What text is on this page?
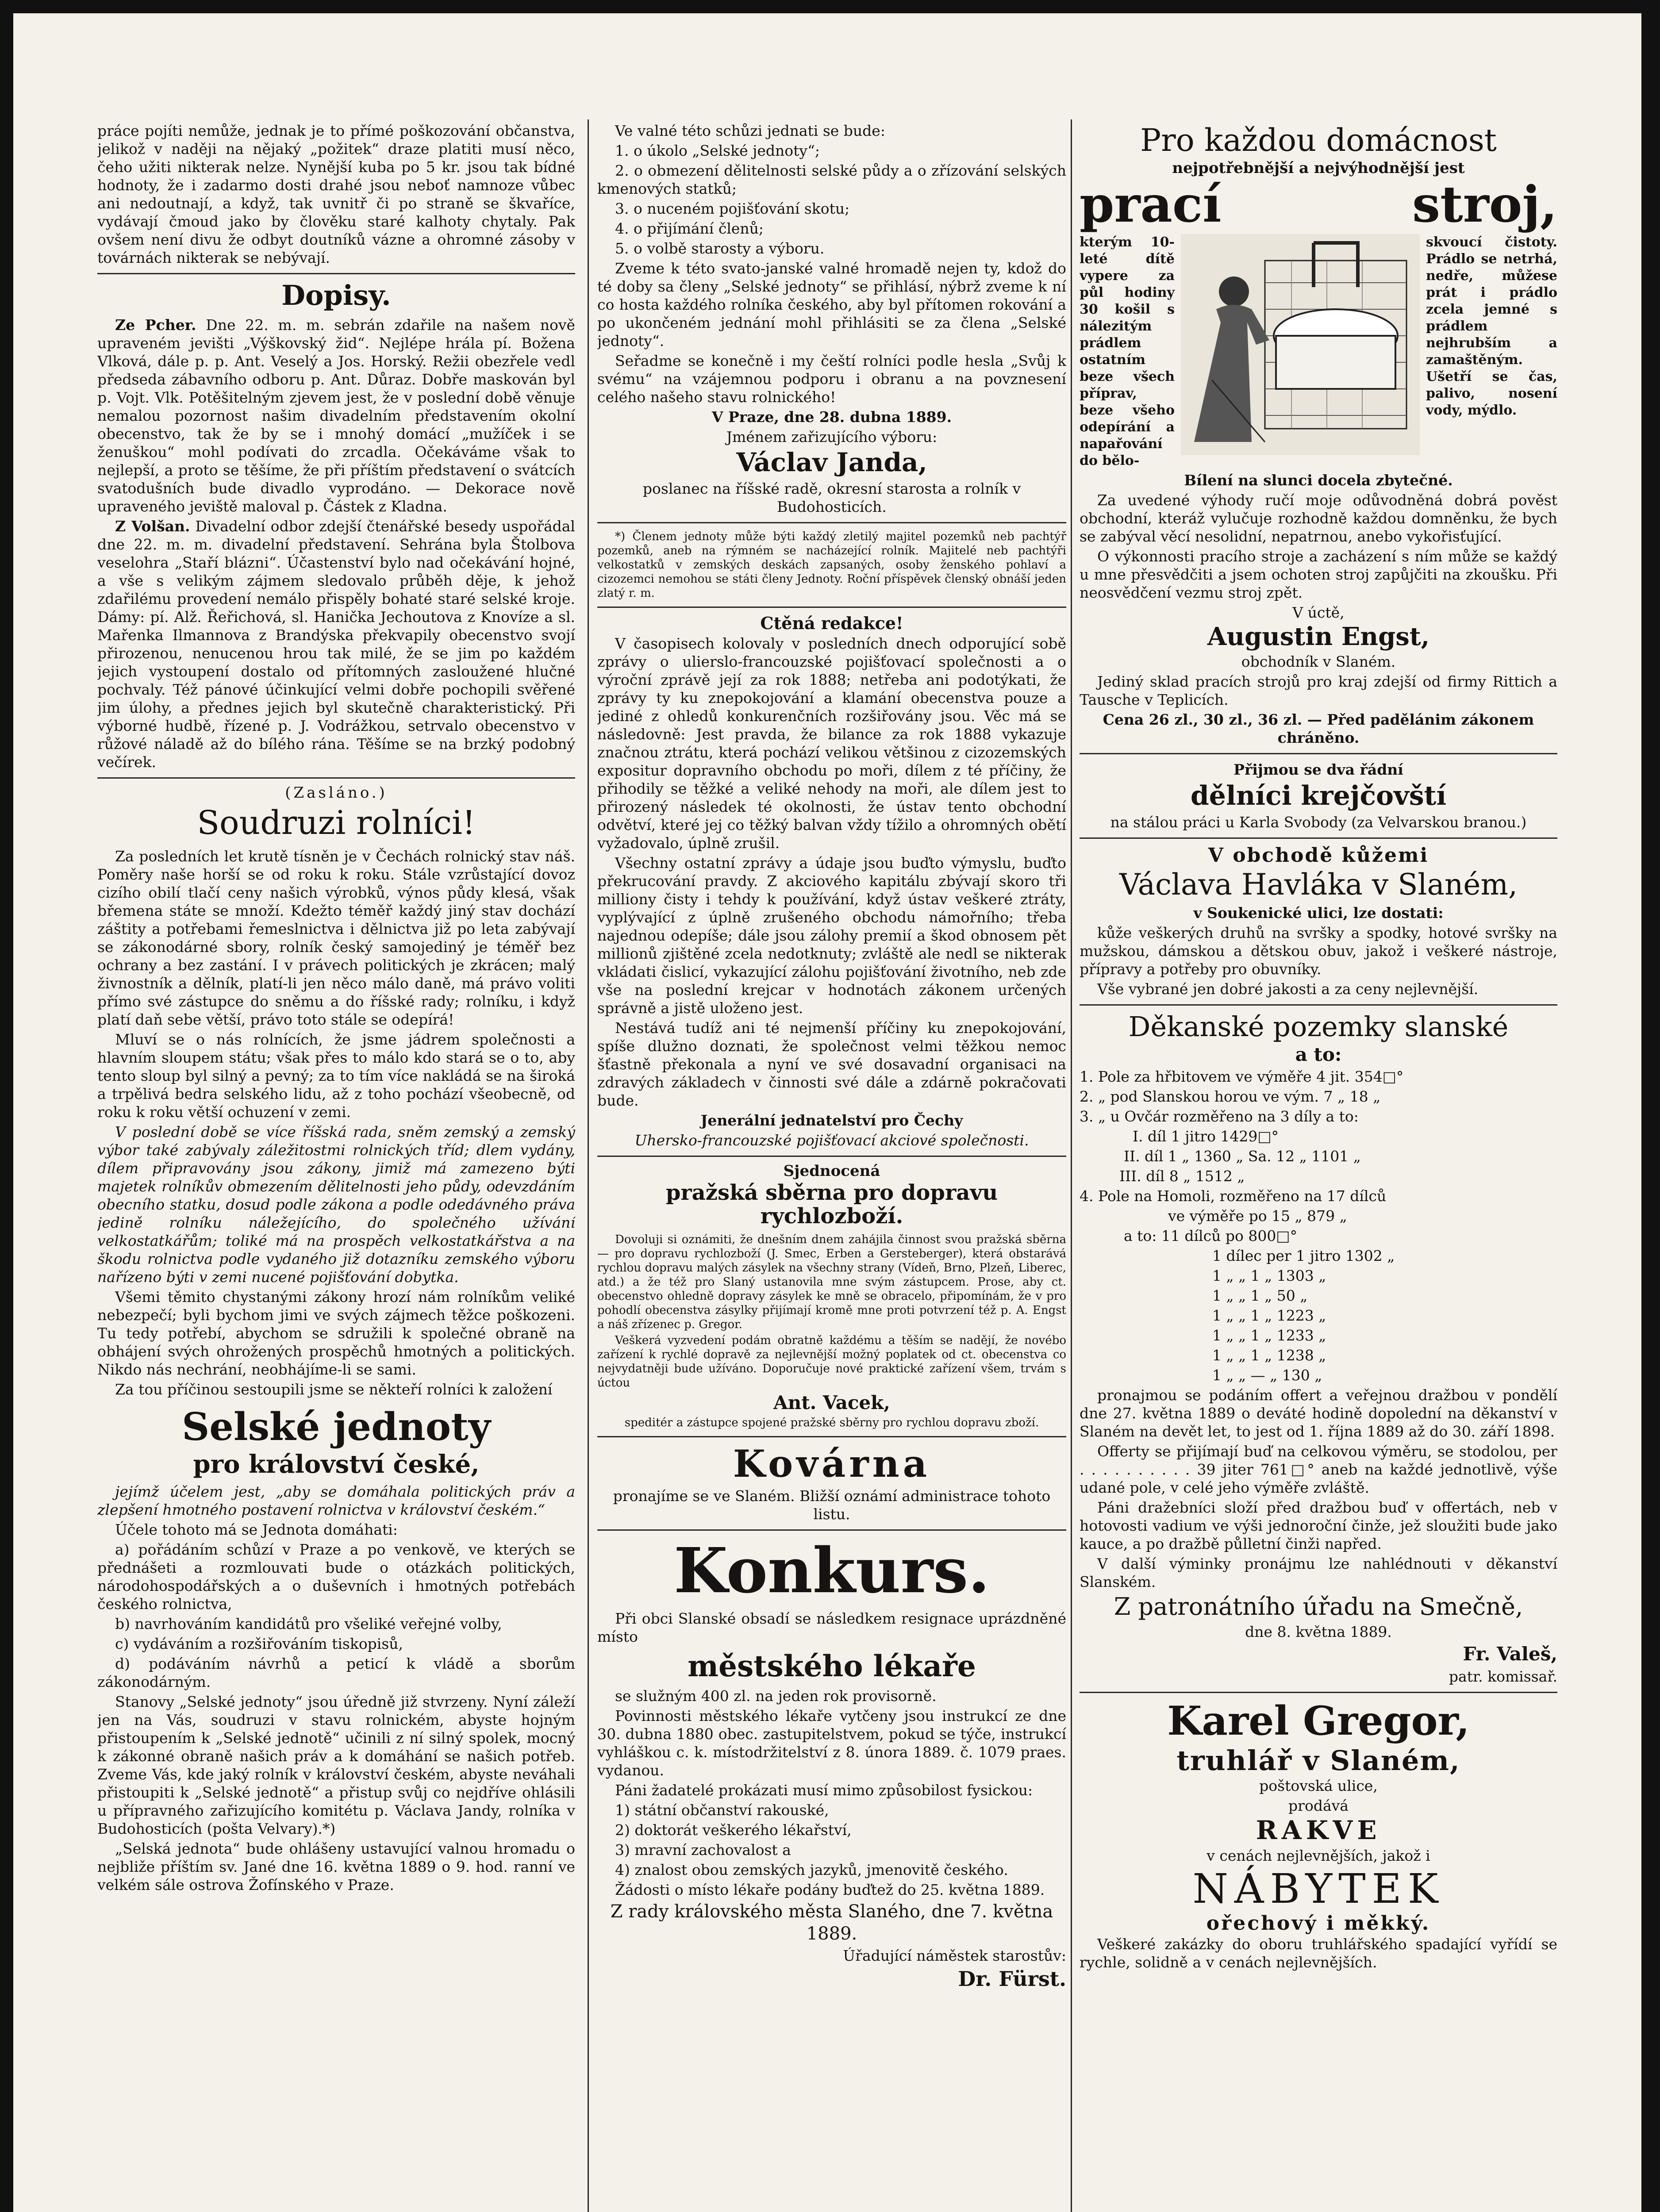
práce pojíti nemůže, jednak je to přímé poškozování občanstva, jelikož v naději na nějaký „požitek“ draze platiti musí něco, čeho užiti nikterak nelze. Nynější kuba po 5 kr. jsou tak bídné hodnoty, že i zadarmo dosti drahé jsou neboť namnoze vůbec ani nedoutnají, a když, tak uvnitř či po straně se škvaříce, vydávají čmoud jako by člověku staré kalhoty chytaly. Pak ovšem není divu že odbyt doutníků vázne a ohromné zásoby v továrnách nikterak se nebývají.

Dopisy.

Ze Pcher. Dne 22. m. m. sebrán zdařile na našem nově upraveném jevišti „Výškovský žid“. Nejlépe hrála pí. Božena Vlková, dále p. p. Ant. Veselý a Jos. Horský. Režii obezřele vedl předseda zábavního odboru p. Ant. Důraz. Dobře maskován byl p. Vojt. Vlk. Potěšitelným zjevem jest, že v poslední době věnuje nemalou pozornost našim divadelním představením okolní obecenstvo, tak že by se i mnohý domácí „mužíček i se ženuškou“ mohl podívati do zrcadla. Očekáváme však to nejlepší, a proto se těšíme, že při příštím představení o svátcích svatodušních bude divadlo vyprodáno. — Dekorace nově upraveného jeviště maloval p. Částek z Kladna.

Z Volšan. Divadelní odbor zdejší čtenářské besedy uspořádal dne 22. m. m. divadelní představení. Sehrána byla Štolbova veselohra „Staří blázni“. Účastenství bylo nad očekávání hojné, a vše s velikým zájmem sledovalo průběh děje, k jehož zdařilému provedení nemálo přispěly bohaté staré selské kroje. Dámy: pí. Alž. Řeřichová, sl. Hanička Jechoutova z Knovíze a sl. Mařenka Ilmannova z Brandýska překvapily obecenstvo svojí přirozenou, nenucenou hrou tak milé, že se jim po každém jejich vystoupení dostalo od přítomných zasloužené hlučné pochvaly. Též pánové účinkující velmi dobře pochopili svěřené jim úlohy, a přednes jejich byl skutečně charakteristický. Při výborné hudbě, řízené p. J. Vodrážkou, setrvalo obecenstvo v růžové náladě až do bílého rána. Těšíme se na brzký podobný večírek.

(Zasláno.)
Soudruzi rolníci!

Za posledních let krutě tísněn je v Čechách rolnický stav náš. Poměry naše horší se od roku k roku. Stále vzrůstající dovoz cizího obilí tlačí ceny našich výrobků, výnos půdy klesá, však břemena státe se množí. Kdežto téměř každý jiný stav dochází záštity a potřebami řemeslnictva i dělnictva již po leta zabývají se zákonodárné sbory, rolník český samojediný je téměř bez ochrany a bez zastání. I v právech politických je zkrácen; malý živnostník a dělník, platí-li jen něco málo daně, má právo voliti přímo své zástupce do sněmu a do říšské rady; rolníku, i když platí daň sebe větší, právo toto stále se odepírá!

Mluví se o nás rolnících, že jsme jádrem společnosti a hlavním sloupem státu; však přes to málo kdo stará se o to, aby tento sloup byl silný a pevný; za to tím více nakládá se na široká a trpělivá bedra selského lidu, až z toho pochází všeobecně, od roku k roku větší ochuzení v zemi.

V poslední době se více říšská rada, sněm zemský a zemský výbor také zabývaly záležitostmi rolnických tříd; dlem vydány, dílem připravovány jsou zákony, jimiž má zamezeno býti majetek rolníkův obmezením dělitelnosti jeho půdy, odevzdáním obecního statku, dosud podle zákona a podle odedávného práva jedině rolníku náležejícího, do společného užívání velkostatkářům; toliké má na prospěch velkostatkářstva a na škodu rolnictva podle vydaného již dotazníku zemského výboru nařízeno býti v zemi nucené pojišťování dobytka.

Všemi těmito chystanými zákony hrozí nám rolníkům veliké nebezpečí; byli bychom jimi ve svých zájmech těžce poškozeni. Tu tedy potřebí, abychom se sdružili k společné obraně na obhájení svých ohrožených prospěchů hmotných a politických. Nikdo nás nechrání, neobhájíme-li se sami.

Za tou příčinou sestoupili jsme se někteří rolníci k založení

Selské jednoty
pro království české,

jejímž účelem jest, „aby se domáhala politických práv a zlepšení hmotného postavení rolnictva v království českém.“

Účele tohoto má se Jednota domáhati:

a) pořádáním schůzí v Praze a po venkově, ve kterých se přednášeti a rozmlouvati bude o otázkách politických, národohospodářských a o duševních i hmotných potřebách českého rolnictva,

b) navrhováním kandidátů pro všeliké veřejné volby,

c) vydáváním a rozšiřováním tiskopisů,

d) podáváním návrhů a peticí k vládě a sborům zákonodárným.

Stanovy „Selské jednoty“ jsou úředně již stvrzeny. Nyní záleží jen na Vás, soudruzi v stavu rolnickém, abyste hojným přistoupením k „Selské jednotě“ učinili z ní silný spolek, mocný k zákonné obraně našich práv a k domáhání se našich potřeb. Zveme Vás, kde jaký rolník v království českém, abyste neváhali přistoupiti k „Selské jednotě“ a přistup svůj co nejdříve ohlásili u přípravného zařizujícího komitétu p. Václava Jandy, rolníka v Budohosticích (pošta Velvary).*)

„Selská jednota“ bude ohlášeny ustavující valnou hromadu o nejbliže příštím sv. Jané dne 16. května 1889 o 9. hod. ranní ve velkém sále ostrova Žofínského v Praze.

Ve valné této schůzi jednati se bude:

1. o úkolo „Selské jednoty“;

2. o obmezení dělitelnosti selské půdy a o zřízování selských kmenových statků;

3. o nuceném pojišťování skotu;

4. o přijímání členů;

5. o volbě starosty a výboru.

Zveme k této svato-janské valné hromadě nejen ty, kdož do té doby sa členy „Selské jednoty“ se přihlásí, nýbrž zveme k ní co hosta každého rolníka českého, aby byl přítomen rokování a po ukončeném jednání mohl přihlásiti se za člena „Selské jednoty“.

Seřadme se konečně i my čeští rolníci podle hesla „Svůj k svému“ na vzájemnou podporu i obranu a na povznesení celého našeho stavu rolnického!

V Praze, dne 28. dubna 1889.

Jménem zařizujícího výboru:

Václav Janda,

poslanec na říšské radě, okresní starosta a rolník v Budohosticích.

*) Členem jednoty může býti každý zletilý majitel pozemků neb pachtýř pozemků, aneb na rýmném se nacházející rolník. Majitelé neb pachtýři velkostatků v zemských deskách zapsaných, osoby ženského pohlaví a cizozemci nemohou se státi členy Jednoty. Roční příspěvek členský obnáší jeden zlatý r. m.

Ctěná redakce!

V časopisech kolovaly v posledních dnech odporující sobě zprávy o ulierslo-francouzské pojišťovací společnosti a o výroční zprávě její za rok 1888; netřeba ani podotýkati, že zprávy ty ku znepokojování a klamání obecenstva pouze a jediné z ohledů konkurenčních rozšiřovány jsou. Věc má se následovně: Jest pravda, že bilance za rok 1888 vykazuje značnou ztrátu, která pochází velikou většinou z cizozemských expositur dopravního obchodu po moři, dílem z té příčiny, že přihodily se těžké a veliké nehody na moři, ale dílem jest to přirozený následek té okolnosti, že ústav tento obchodní odvětví, které jej co těžký balvan vždy tížilo a ohromných obětí vyžadovalo, úplně zrušil.

Všechny ostatní zprávy a údaje jsou buďto výmyslu, buďto překrucování pravdy. Z akciového kapitálu zbývají skoro tři milliony čisty i tehdy k používání, když ústav veškeré ztráty, vyplývající z úplně zrušeného obchodu námořního; třeba najednou odepíše; dále jsou zálohy premií a škod obnosem pět millionů zjištěné zcela nedotknuty; zvláště ale nedl se nikterak vkládati čislicí, vykazující zálohu pojišťování životního, neb zde vše na poslední krejcar v hodnotách zákonem určených správně a jistě uloženo jest.

Nestává tudíž ani té nejmenší příčiny ku znepokojování, spíše dlužno doznati, že společnost velmi těžkou nemoc šťastně překonala a nyní ve své dosavadní organisaci na zdravých základech v činnosti své dále a zdárně pokračovati bude.

Jenerální jednatelství pro Čechy

Uhersko-francouzské pojišťovací akciové společnosti.

Sjednocená
pražská sběrna pro dopravu rychlozboží.

Dovoluji si oznámiti, že dnešním dnem zahájila činnost svou pražská sběrna — pro dopravu rychlozboží (J. Smec, Erben a Gersteberger), která obstarává rychlou dopravu malých zásylek na všechny strany (Vídeň, Brno, Plzeň, Liberec, atd.) a že též pro Slaný ustanovila mne svým zástupcem. Prose, aby ct. obecenstvo ohledně dopravy zásylek ke mně se obracelo, připomínám, že v pro pohodlí obecenstva zásylky přijímají kromě mne proti potvrzení též p. A. Engst a náš zřízenec p. Gregor.

Veškerá vyzvedení podám obratně každému a těším se nadějí, že novébo zařízení k rychlé dopravě za nejlevnější možný poplatek od ct. obecenstva co nejvydatněji bude užíváno. Doporučuje nové praktické zařízení všem, trvám s úctou

Ant. Vacek,

speditér a zástupce spojené pražské sběrny pro rychlou dopravu zboží.

Kovárna

pronajíme se ve Slaném. Bližší oznámí administrace tohoto listu.

Konkurs.

Při obci Slanské obsadí se následkem resignace uprázdněné místo

městského lékaře

se služným 400 zl. na jeden rok provisorně.

Povinnosti městského lékaře vytčeny jsou instrukcí ze dne 30. dubna 1880 obec. zastupitelstvem, pokud se týče, instrukcí vyhláškou c. k. místodržitelství z 8. února 1889. č. 1079 praes. vydanou.

Páni žadatelé prokázati musí mimo způsobilost fysickou:

1) státní občanství rakouské,

2) doktorát veškerého lékařství,

3) mravní zachovalost a

4) znalost obou zemských jazyků, jmenovitě českého.

Žádosti o místo lékaře podány buďtež do 25. května 1889.

Z rady královského města Slaného, dne 7. května 1889.

Úřadující náměstek starostův:

Dr. Fürst.

Pro každou domácnost
nejpotřebnější a nejvýhodnější jest
prací	stroj,

kterým 10-leté dítě vypere za půl hodiny 30 košil s nálezitým prádlem ostatním beze všech příprav, beze všeho odepírání a napařování do bělo-

skvoucí čistoty. Prádlo se netrhá, nedře, můžese prát i prádlo zcela jemné s prádlem nejhrubším a zamaštěným. Ušetří se čas, palivo, nosení vody, mýdlo.

Bílení na slunci docela zbytečné.

Za uvedené výhody ručí moje odůvodněná dobrá pověst obchodní, kteráž vylučuje rozhodně každou domněnku, že bych se zabýval věcí nesolidní, nepatrnou, anebo vykořisťující.

O výkonnosti pracího stroje a zacházení s ním může se každý u mne přesvědčiti a jsem ochoten stroj zapůjčiti na zkoušku. Při neosvědčení vezmu stroj zpět.

V úctě,

Augustin Engst,

obchodník v Slaném.

Jediný sklad pracích strojů pro kraj zdejší od firmy Rittich a Tausche v Teplicích.

Cena 26 zl., 30 zl., 36 zl. — Před padělánim zákonem chráněno.

Přijmou se dva řádní

dělníci krejčovští

na stálou práci u Karla Svobody (za Velvarskou branou.)

V obchodě kůžemi
Václava Havláka v Slaném,

v Soukenické ulici, lze dostati:

kůže veškerých druhů na svršky a spodky, hotové svršky na mužskou, dámskou a dětskou obuv, jakož i veškeré nástroje, přípravy a potřeby pro obuvníky.

Vše vybrané jen dobré jakosti a za ceny nejlevnější.

Děkanské pozemky slanské
a to:

1. Pole za hřbitovem ve výměře 4 jit. 354□°

2. „ pod Slanskou horou ve vým. 7 „ 18 „

3. „ u Ovčár rozměřeno na 3 díly a to:

I. díl 1 jitro 1429□°

II. díl 1 „ 1360 „ Sa. 12 „ 1101 „

III. díl 8 „ 1512 „

4. Pole na Homoli, rozměřeno na 17 dílců

ve výměře po 15 „ 879 „

a to: 11 dílců po 800□°

1 dílec per 1 jitro 1302 „

1 „ „ 1 „ 1303 „

1 „ „ 1 „ 50 „

1 „ „ 1 „ 1223 „

1 „ „ 1 „ 1233 „

1 „ „ 1 „ 1238 „

1 „ „ — „ 130 „

pronajmou se podáním offert a veřejnou dražbou v pondělí dne 27. května 1889 o deváté hodině dopolední na děkanství v Slaném na devět let, to jest od 1. října 1889 až do 30. září 1898.

Offerty se přijímají buď na celkovou výměru, se stodolou, per . . . . . . . . . . 39 jiter 761□° aneb na každé jednotlivě, výše udané pole, v celé jeho výměře zvláště.

Páni dražebníci složí před dražbou buď v offertách, neb v hotovosti vadium ve výši jednoroční činže, jež sloužiti bude jako kauce, a po dražbě půlletní činži napřed.

V další výminky pronájmu lze nahlédnouti v děkanství Slanském.

Z patronátního úřadu na Smečně,

dne 8. května 1889.

Fr. Valeš,

patr. komissař.

Karel Gregor,
truhlář v Slaném,

poštovská ulice,

prodává

RAKVE

v cenách nejlevnějších, jakož i

NÁBYTEK
ořechový i měkký.

Veškeré zakázky do oboru truhlářského spadající vyřídí se rychle, solidně a v cenách nejlevnějších.
